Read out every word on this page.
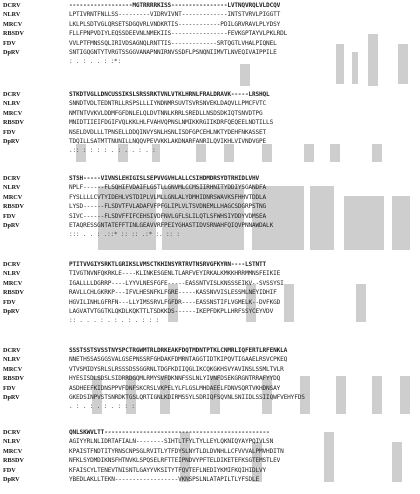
DCRV	------------------MGTRRRRKISS----------------LVTNQVRQLVLDCQV
NLRV	LPTIVRNTFNLLSS---------VIDRVIVNT-------------INTSTVRVLPIGGTT
MRCV	LKLPLSDTVGLQRSETSDGQVRLVNDKRTIS------------PDILGRVRAVLPLYDSY
RBSDV	FLLFPNPVDIYLEQSSDEEVNLNMEKIIS----------------FEVKGPTAYVLPKLRDL
FDV	VVLPTFMNSSQLIRIVDSAGNQLRNTTIS-------------SRTQGTLVHALPIQNEL
DpRV	SNTIGQGNTYTVRGTSSGGVANAPNNIRNVSSDFLPSNQNIIMVTLNVEQIVAIPPILE
: . : . . : :*:
DCRV	STKDTVGLLDNCUSSIKSLSRSSRKTVNLVTKLHRNLFRALDRAVK-----LRSHQL
NLRV	SNNDTVDLTEDNTRLLRSPSLLLIYNDNMRSUVTSVRSNVEKLDAQVLLPMCFVTC
MRCV	NMTNTVVKVLDDMFGFDNLELQLDVTNNLKRRLSREDLLNSDSDKIQTSNVDTPG
RBSDV	MNIDTIIEIFDGIFVQLKKLHLFVAHVQPNSLNMIKKRGIIKDRFQEQEELNDTILLS
FDV	NSELDVDLLLTPNSELLDDQINVYSNLHSNLISDFGPCEHLNKTYDEHFNKASSET
DpRV	TDQILLSATMTTNUNILLNQQVPEVVKKLAKDNARFANRILQVIKHLVIVNDVGPE
.:: : : : : . : . . : . :
DCRV	STSH-----VIVNSLEHIGISLSEPVVGVHLALLCSIHDMDRSYDTRHIDLVHV
NLRV	NPLF------FLSQHIFVDAIFLGSTLLGNVMLCCMSIIRHNITYDDIYSGANDFA
MRCV	FYSLLLLCVTYIDEHLVSTDIPLVLMLLGNLALYDMHIDNRSWAVKSFHHVTDDLA
RBSDV	LYSD------FLSDVTFVLADAFVFPFGLIPLVLTSVDNEMLLHAGCSDGRPSTNG
FDV	SIVC------FLSDVFFIFCEHSIVDFNVLGFLSLILQTLSFWHSIYDDYVDMSEA
DpRV	ETAQRESSGNTATEFFTINLGEAVVRFPEIYGHASTIDVSRNAHFQIQVPNNAWDALK
::: . . : .::* :: :: .:* :. :: :
DCRV	PTITVVGIYSRKTLGRIKSLVMSCTKHINSYRTRVTNSRVGFKYRN----LSTNTT
NLRV	TIVGTNVNFQKRKLE----KLINKESGENLTLARFVEYIRKALKMKKHRRMMNSFEIKIE
MRCV	IGALLLLDGRRP----LYYVLNESFGFE-----EASSNTVISLKNSSSEIKV--SVSSYSI
RBSDV	RAVLLCHLGKRKP---IFVLHESNFKLFGRE-----KASSNVVISLESSMLNEYIDHIF
FDV	HGVILINHLGFRFN---LLYIMSSRVLFGFDR----EASSNSTIFLVGMELK--DVFKGD
DpRV	LAGVATVTGGTKLQKDLKQKTTLTSDKKDS------IKEPFDKPLLHRFSSYCEYVDV
:: . . . : . : . : . : : :
DCRV	SSSTSSTSVSSTNYSPCTRGWMTRLDRKEAKFDQTMDNTPTKLCNMRLIQFERTLRFENKLA
NLRV	NNETHSSASGGSVALGSEPNSSRFGHDAKFDMRNTAGGTIDTKIPQVTIGAAELRSVCPKEQ
MRCV	VTVSMIDYSRLSLRSSSDSSGGRNLTDGFKDIIQGLIKCQKGKHSVYAVINSLSSMLTVLR
RBSDV	HYESISDLSDSLSIDRRDGQMLRMYSVFDKNNFSSLNLYIVNFDSEKGRGNTRRAFYYDQ
FDV	ASDHEEFKIDNSPPVFDNFSKCRSLVKPELYLFLGSLMHDAEELFDNVSQRTVKHDNSAY
DpRV	GKEDSINPVSTSNRDKTGSLQRTIGNLKDIRMSSYLSDRIQFSQVNLSNIIDLSSIIQWFVEHYFDS
. : . : . : . : : :
DCRV	QNLSKWVLTT-----------------------------------------------
NLRV	AGIYYRLNLIDRTAFIALN--------SIHTLTFYLTYLLEYLQKNIQYAYPQIVLSN
MRCV	KPAISTFNDTITYRNSCNPSGLRVITLYTFDYSLNYTLDLDVNHLLCFVVVALPMVHDITN
RBSDV	NFKLSYDMDIKNSFHTNVKLSPQSELRFTTEIPNDVYPFTELDIKETEFKSGTEMSTLEV
FDV	KFAISCYLTENEVTNISNTLGAYYVKSITYTFQVTEFLNEDIYKMIFKQIHIDLVY
DpRV	YBEDLAKLLTEKN------------------VKNSPSLNLATAPILTLYFSDLE
